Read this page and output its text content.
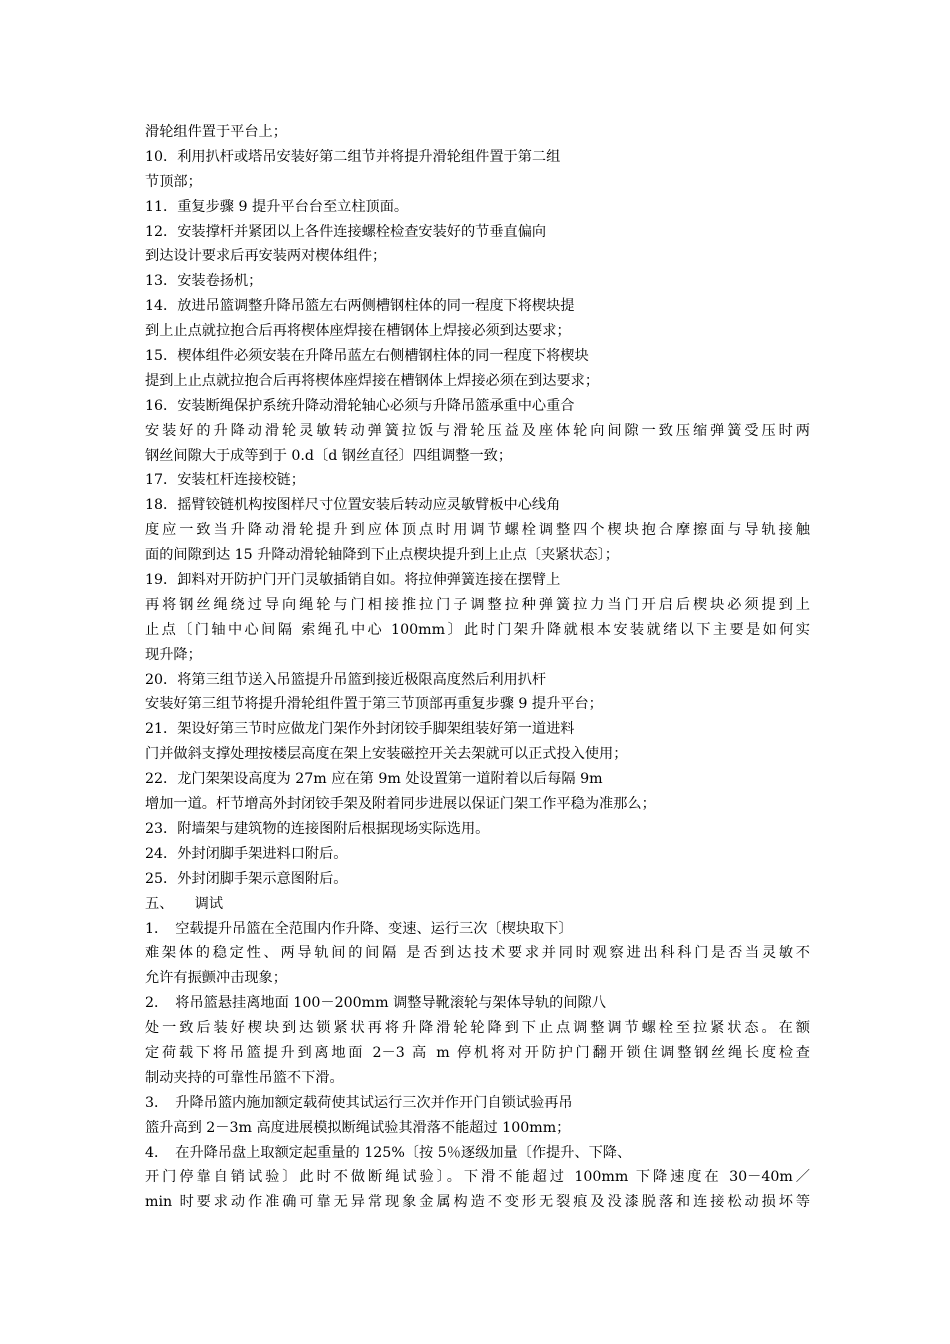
滑轮组件置于平台上；
10．利用扒杆或塔吊安装好第二组节并将提升滑轮组件置于第二组
节顶部；
11．重复步骤 9 提升平台台至立柱顶面。
12．安装撑杆并紧团以上各件连接螺栓检查安装好的节垂直偏向
到达设计要求后再安装两对楔体组件；
13．安装卷扬机；
14．放进吊篮调整升降吊篮左右两侧槽钢柱体的同一程度下将楔块提
到上止点就拉抱合后再将楔体座焊接在槽钢体上焊接必须到达要求；
15．楔体组件必须安装在升降吊蓝左右侧槽钢柱体的同一程度下将楔块
提到上止点就拉抱合后再将楔体座焊接在槽钢体上焊接必须在到达要求；
16．安装断绳保护系统升降动滑轮轴心必须与升降吊篮承重中心重合
安装好的升降动滑轮灵敏转动弹簧拉饭与滑轮压益及座体轮向间隙一致压缩弹簧受压时两
钢丝间隙大于成等到于 0.d〔d 钢丝直径〕四组调整一致；
17．安装杠杆连接校链；
18．摇臂铰链机构按图样尺寸位置安装后转动应灵敏臂板中心线角
度应一致当升降动滑轮提升到应体顶点时用调节螺栓调整四个楔块抱合摩擦面与导轨接触
面的间隙到达 15 升降动滑轮轴降到下止点楔块提升到上止点〔夹紧状态〕；
19．卸料对开防护门开门灵敏插销自如。将拉伸弹簧连接在摆臂上
再将钢丝绳绕过导向绳轮与门相接推拉门子调整拉种弹簧拉力当门开启后楔块必须提到上
止点〔门轴中心间隔 索绳孔中心 100mm〕此时门架升降就根本安装就绪以下主要是如何实
现升降；
20．将第三组节送入吊篮提升吊篮到接近极限高度然后利用扒杆
安装好第三组节将提升滑轮组件置于第三节顶部再重复步骤 9 提升平台；
21．架设好第三节时应做龙门架作外封闭铰手脚架组装好第一道进料
门并做斜支撑处理按楼层高度在架上安装磁控开关去架就可以正式投入使用；
22．龙门架架设高度为 27m 应在第 9m 处设置第一道附着以后每隔 9m
增加一道。杆节增高外封闭铰手架及附着同步进展以保证门架工作平稳为准那么；
23．附墙架与建筑物的连接图附后根据现场实际选用。
24．外封闭脚手架进料口附后。
25．外封闭脚手架示意图附后。
五、　　调试
1．　空载提升吊篮在全范围内作升降、变速、运行三次〔楔块取下〕
难架体的稳定性、两导轨间的间隔 是否到达技术要求并同时观察进出科科门是否当灵敏不
允许有振颤冲击现象；
2．　将吊篮悬挂离地面 100－200mm 调整导靴滚轮与架体导轨的间隙八
处一致后装好楔块到达锁紧状再将升降滑轮轮降到下止点调整调节螺栓至拉紧状态。在额
定荷载下将吊篮提升到离地面 2－3 高 m 停机将对开防护门翻开锁住调整钢丝绳长度检查
制动夹持的可靠性吊篮不下滑。
3．　升降吊篮内施加额定载荷使其试运行三次并作开门自锁试验再吊
篮升高到 2－3m 高度进展模拟断绳试验其滑落不能超过 100mm；
4．　在升降吊盘上取额定起重量的 125%〔按 5％逐级加量〔作提升、下降、
开门停靠自销试验〕此时不做断绳试验〕。下滑不能超过 100mm 下降速度在 30－40m／
min 时要求动作准确可靠无异常现象金属构造不变形无裂痕及没漆脱落和连接松动损坏等
